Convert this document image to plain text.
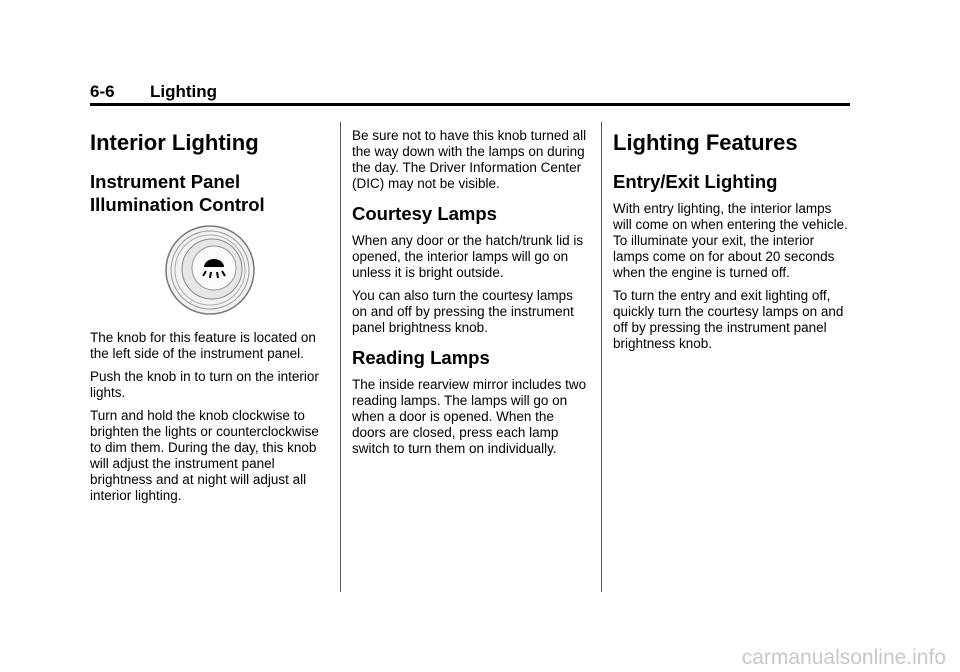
6-6 Lighting
Interior Lighting
Instrument Panel Illumination Control

The knob for this feature is located on the left side of the instrument panel.

Push the knob in to turn on the interior lights.

Turn and hold the knob clockwise to brighten the lights or counterclockwise to dim them. During the day, this knob will adjust the instrument panel brightness and at night will adjust all interior lighting.

Be sure not to have this knob turned all the way down with the lamps on during the day. The Driver Information Center (DIC) may not be visible.

Courtesy Lamps

When any door or the hatch/trunk lid is opened, the interior lamps will go on unless it is bright outside.

You can also turn the courtesy lamps on and off by pressing the instrument panel brightness knob.

Reading Lamps

The inside rearview mirror includes two reading lamps. The lamps will go on when a door is opened. When the doors are closed, press each lamp switch to turn them on individually.

Lighting Features
Entry/Exit Lighting

With entry lighting, the interior lamps will come on when entering the vehicle. To illuminate your exit, the interior lamps come on for about 20 seconds when the engine is turned off.

To turn the entry and exit lighting off, quickly turn the courtesy lamps on and off by pressing the instrument panel brightness knob.

carmanualsonline.info
